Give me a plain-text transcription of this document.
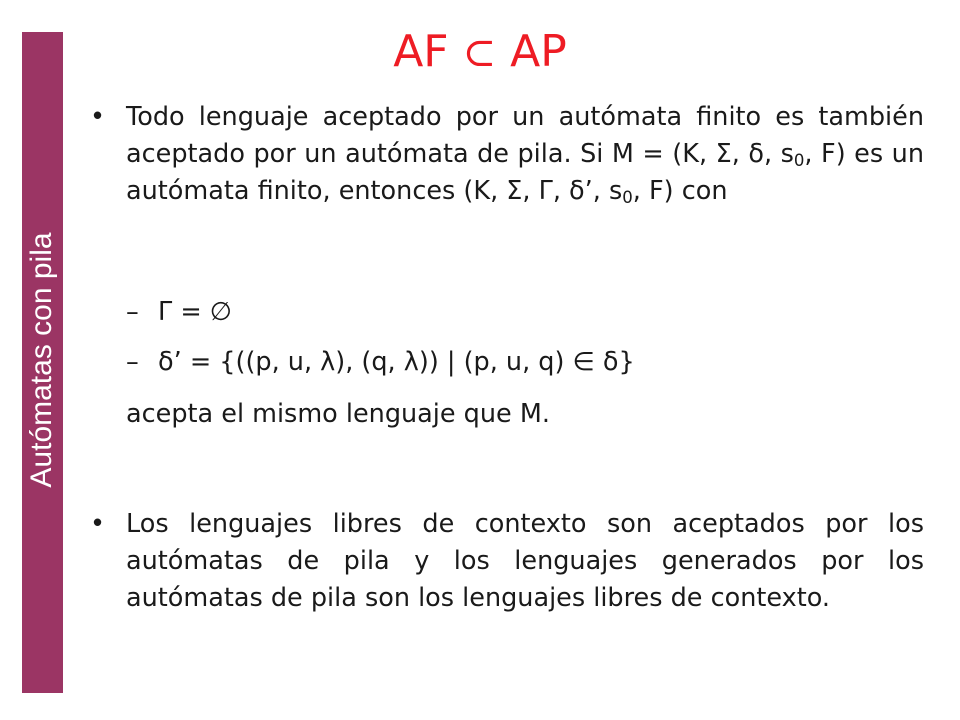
Autómatas con pila
AF ⊂ AP
• Todo lenguaje aceptado por un autómata finito es también aceptado por un autómata de pila. Si M = (K, Σ, δ, $s_0$, F) es un autómata finito, entonces (K, Σ, Γ, δ’, $s_0$, F) con
– Γ = ∅
– δ’ = {((p, u, λ), (q, λ)) | (p, u, q) ∈ δ}
acepta el mismo lenguaje que M.
• Los lenguajes libres de contexto son aceptados por los autómatas de pila y los lenguajes generados por los autómatas de pila son los lenguajes libres de contexto.
